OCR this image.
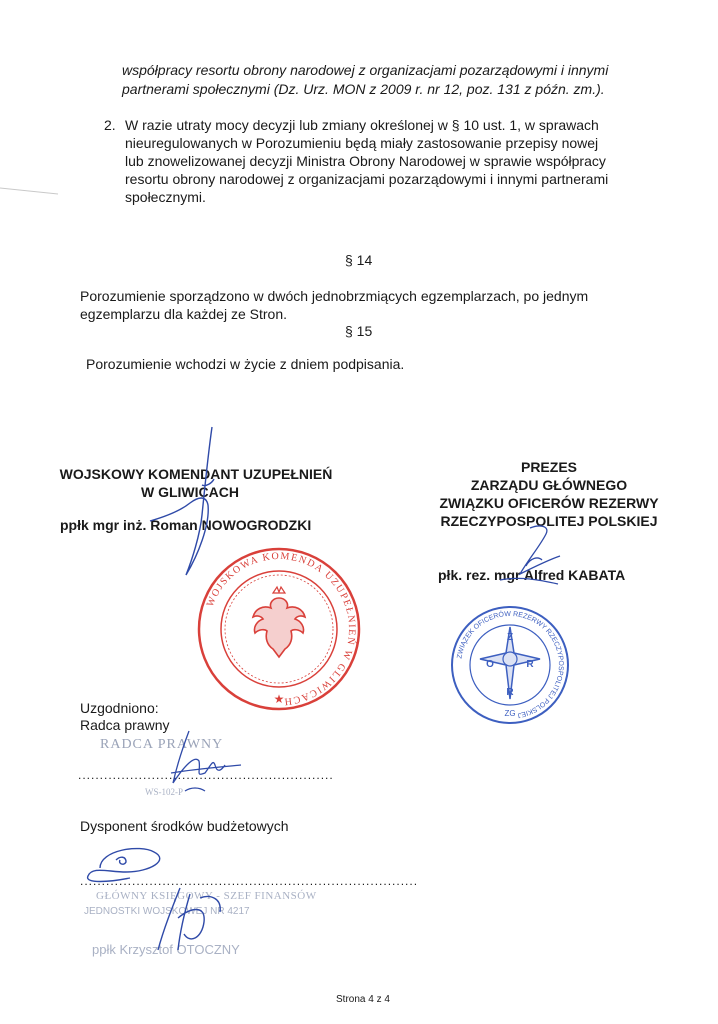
współpracy resortu obrony narodowej z organizacjami pozarządowymi i innymi
partnerami społecznymi (Dz. Urz. MON z 2009 r. nr 12, poz. 131 z późn. zm.).
2. W razie utraty mocy decyzji lub zmiany określonej w § 10 ust. 1, w sprawach
nieuregulowanych w Porozumieniu będą miały zastosowanie przepisy nowej
lub znowelizowanej decyzji Ministra Obrony Narodowej w sprawie współpracy
resortu obrony narodowej z organizacjami pozarządowymi i innymi partnerami
społecznymi.
§ 14
Porozumienie sporządzono w dwóch jednobrzmiących egzemplarzach, po jednym
egzemplarzu dla każdej ze Stron.
§ 15
Porozumienie wchodzi w życie z dniem podpisania.
WOJSKOWY KOMENDANT UZUPEŁNIEŃ
W GLIWICACH
ppłk mgr inż. Roman NOWOGRODZKI
★
WOJSKOWA KOMENDA UZUPEŁNIEŃ W GLIWICACH
PREZES
ZARZĄDU GŁÓWNEGO
ZWIĄZKU OFICERÓW REZERWY
RZECZYPOSPOLITEJ POLSKIEJ
płk. rez. mgr Alfred KABATA
Z
O	R
R
ZG
ZWIĄZEK OFICERÓW REZERWY RZECZYPOSPOLITEJ POLSKIEJ
Uzgodniono:
Radca prawny
RADCA PRAWNY
...........................................................
WS-102-P
Dysponent środków budżetowych
..............................................................................
GŁÓWNY KSIĘGOWY - SZEF FINANSÓW
JEDNOSTKI WOJSKOWEJ NR 4217
ppłk Krzysztof OTOCZNY
Strona 4 z 4
